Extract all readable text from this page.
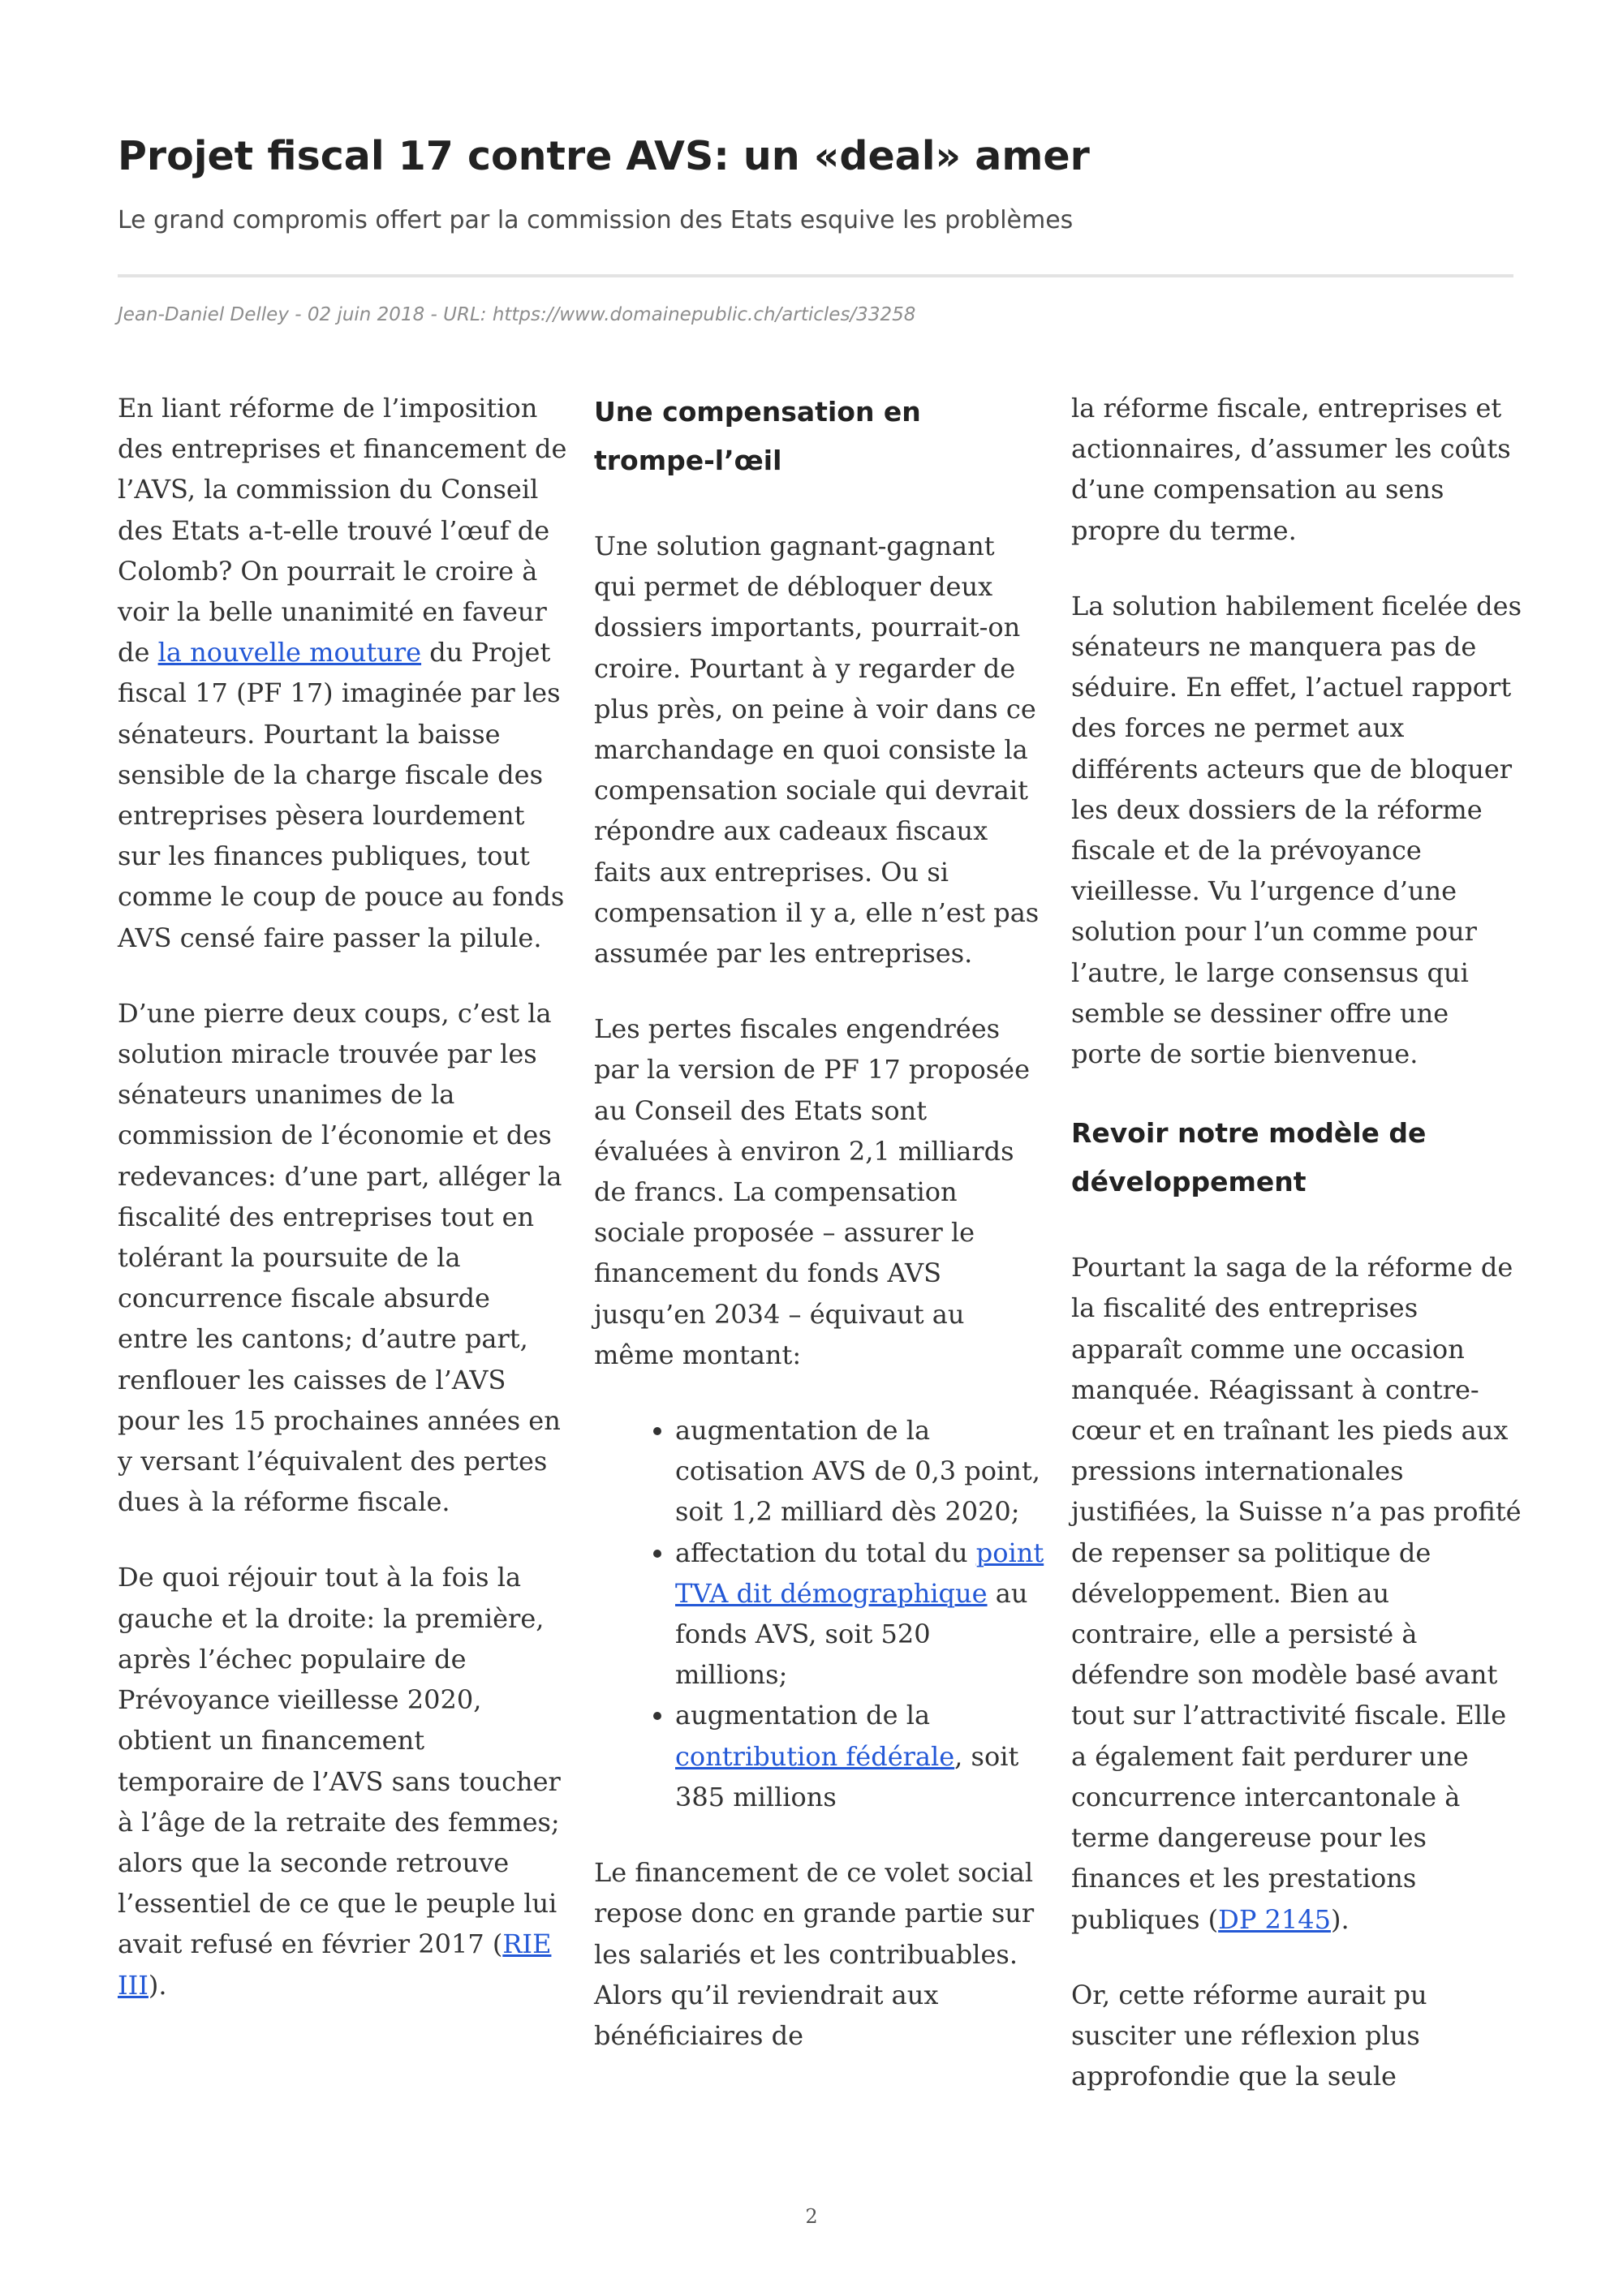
Projet fiscal 17 contre AVS: un «deal» amer

Le grand compromis offert par la commission des Etats esquive les problèmes

Jean-Daniel Delley - 02 juin 2018 - URL: https://www.domainepublic.ch/articles/33258

En liant réforme de l’imposition des entreprises et financement de l’AVS, la commission du Conseil des Etats a-t-elle trouvé l’œuf de Colomb? On pourrait le croire à voir la belle unanimité en faveur de la nouvelle mouture du Projet fiscal 17 (PF 17) imaginée par les sénateurs. Pourtant la baisse sensible de la charge fiscale des entreprises pèsera lourdement sur les finances publiques, tout comme le coup de pouce au fonds AVS censé faire passer la pilule.

D’une pierre deux coups, c’est la solution miracle trouvée par les sénateurs unanimes de la commission de l’économie et des redevances: d’une part, alléger la fiscalité des entreprises tout en tolérant la poursuite de la concurrence fiscale absurde entre les cantons; d’autre part, renflouer les caisses de l’AVS pour les 15 prochaines années en y versant l’équivalent des pertes dues à la réforme fiscale.

De quoi réjouir tout à la fois la gauche et la droite: la première, après l’échec populaire de Prévoyance vieillesse 2020, obtient un financement temporaire de l’AVS sans toucher à l’âge de la retraite des femmes; alors que la seconde retrouve l’essentiel de ce que le peuple lui avait refusé en février 2017 (RIE III).

Une compensation en trompe-l’œil

Une solution gagnant-gagnant qui permet de débloquer deux dossiers importants, pourrait-on croire. Pourtant à y regarder de plus près, on peine à voir dans ce marchandage en quoi consiste la compensation sociale qui devrait répondre aux cadeaux fiscaux faits aux entreprises. Ou si compensation il y a, elle n’est pas assumée par les entreprises.

Les pertes fiscales engendrées par la version de PF 17 proposée au Conseil des Etats sont évaluées à environ 2,1 milliards de francs. La compensation sociale proposée – assurer le financement du fonds AVS jusqu’en 2034 – équivaut au même montant:

• augmentation de la cotisation AVS de 0,3 point, soit 1,2 milliard dès 2020;
• affectation du total du point TVA dit démographique au fonds AVS, soit 520 millions;
• augmentation de la contribution fédérale, soit 385 millions

Le financement de ce volet social repose donc en grande partie sur les salariés et les contribuables. Alors qu’il reviendrait aux bénéficiaires de

la réforme fiscale, entreprises et actionnaires, d’assumer les coûts d’une compensation au sens propre du terme.

La solution habilement ficelée des sénateurs ne manquera pas de séduire. En effet, l’actuel rapport des forces ne permet aux différents acteurs que de bloquer les deux dossiers de la réforme fiscale et de la prévoyance vieillesse. Vu l’urgence d’une solution pour l’un comme pour l’autre, le large consensus qui semble se dessiner offre une porte de sortie bienvenue.

Revoir notre modèle de développement

Pourtant la saga de la réforme de la fiscalité des entreprises apparaît comme une occasion manquée. Réagissant à contre-cœur et en traînant les pieds aux pressions internationales justifiées, la Suisse n’a pas profité de repenser sa politique de développement. Bien au contraire, elle a persisté à défendre son modèle basé avant tout sur l’attractivité fiscale. Elle a également fait perdurer une concurrence intercantonale à terme dangereuse pour les finances et les prestations publiques (DP 2145).

Or, cette réforme aurait pu susciter une réflexion plus approfondie que la seule

2
